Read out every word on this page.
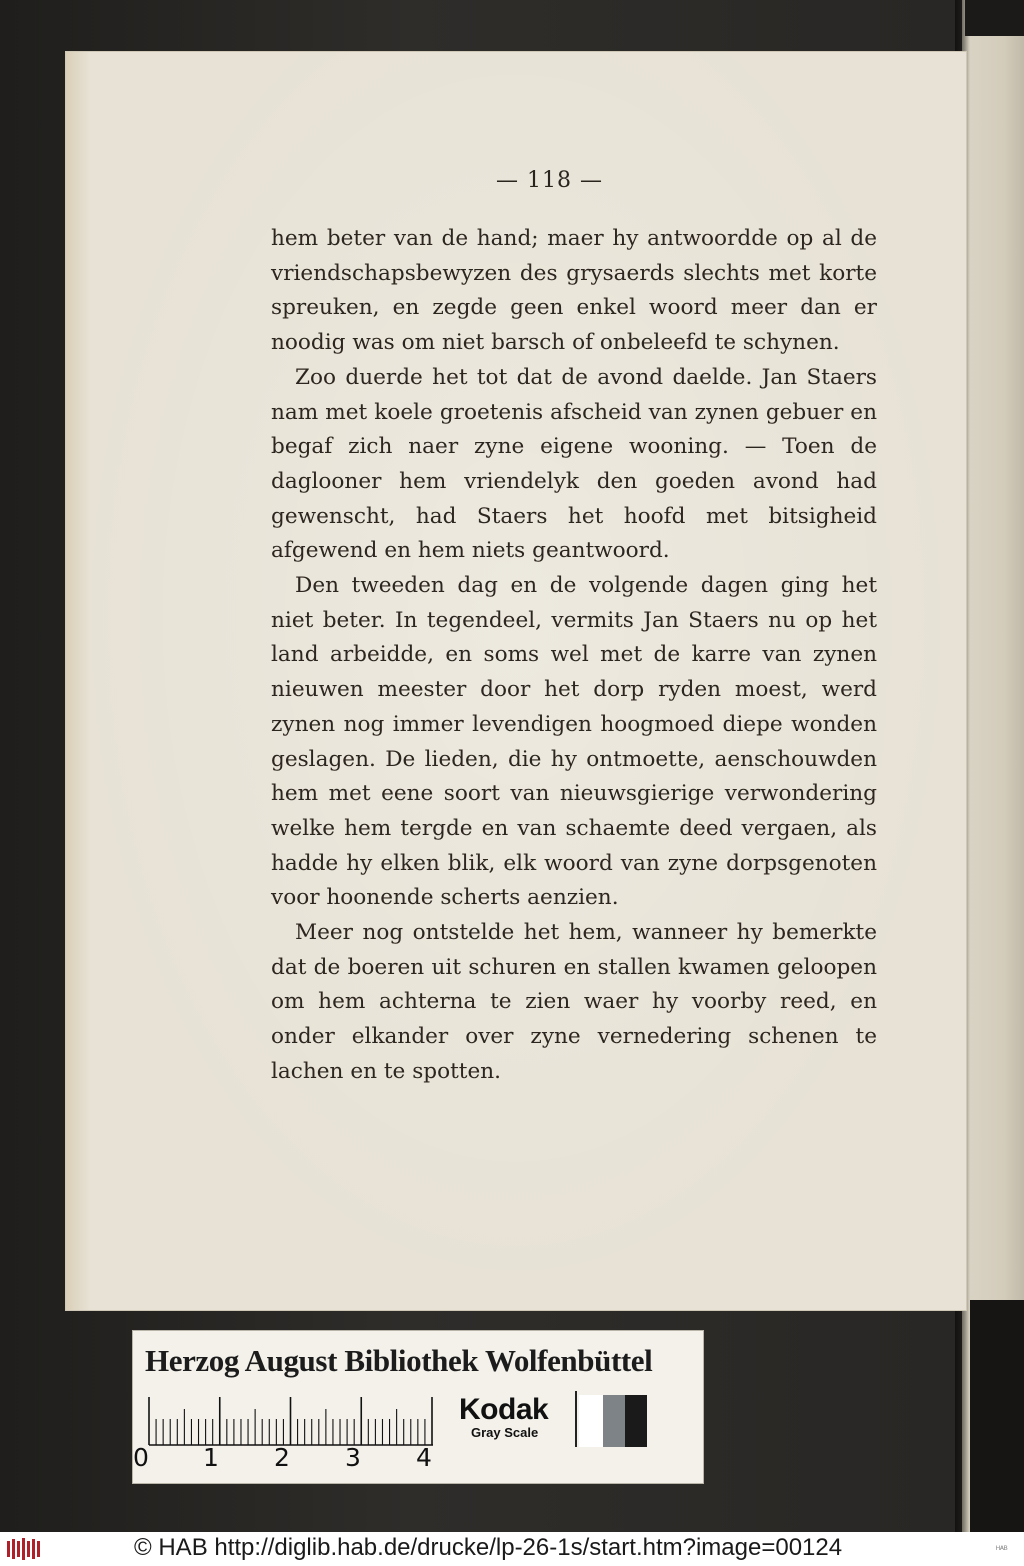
— 118 —

hem beter van de hand; maer hy antwoordde op al de vriendschapsbewyzen des grysaerds slechts met korte spreuken, en zegde geen enkel woord meer dan er noodig was om niet barsch of onbeleefd te schynen.

Zoo duerde het tot dat de avond daelde. Jan Staers nam met koele groetenis afscheid van zynen gebuer en begaf zich naer zyne eigene wooning. — Toen de daglooner hem vriendelyk den goeden avond had gewenscht, had Staers het hoofd met bitsigheid afgewend en hem niets geantwoord.

Den tweeden dag en de volgende dagen ging het niet beter. In tegendeel, vermits Jan Staers nu op het land arbeidde, en soms wel met de karre van zynen nieuwen meester door het dorp ryden moest, werd zynen nog immer levendigen hoogmoed diepe wonden geslagen. De lieden, die hy ontmoette, aenschouwden hem met eene soort van nieuwsgierige verwondering welke hem tergde en van schaemte deed vergaen, als hadde hy elken blik, elk woord van zyne dorpsgenoten voor hoonende scherts aenzien.

Meer nog ontstelde het hem, wanneer hy bemerkte dat de boeren uit schuren en stallen kwamen geloopen om hem achterna te zien waer hy voorby reed, en onder elkander over zyne vernedering schenen te lachen en te spotten.

Herzog August Bibliothek Wolfenbüttel
0 1 2 3 4
Kodak
Gray Scale
© HAB http://diglib.hab.de/drucke/lp-26-1s/start.htm?image=00124	ᴴᴬᴮ
